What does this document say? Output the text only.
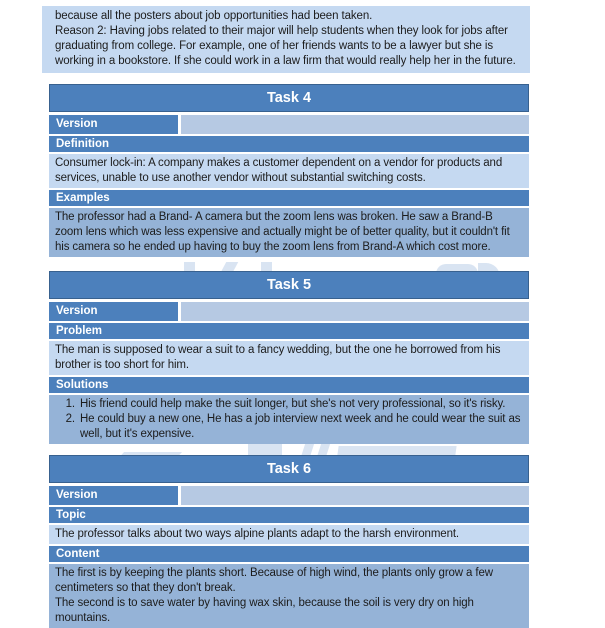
because all the posters about job opportunities had been taken.

Reason 2: Having jobs related to their major will help students when they look for jobs after graduating from college. For example, one of her friends wants to be a lawyer but she is working in a bookstore. If she could work in a law firm that would really help her in the future.

Task 4
Version
Definition

Consumer lock-in: A company makes a customer dependent on a vendor for products and services, unable to use another vendor without substantial switching costs.

Examples

The professor had a Brand- A camera but the zoom lens was broken. He saw a Brand-B zoom lens which was less expensive and actually might be of better quality, but it couldn't fit his camera so he ended up having to buy the zoom lens from Brand-A which cost more.

Task 5
Version
Problem

The man is supposed to wear a suit to a fancy wedding, but the one he borrowed from his brother is too short for him.

Solutions
1. His friend could help make the suit longer, but she's not very professional, so it's risky.
2. He could buy a new one, He has a job interview next week and he could wear the suit as well, but it's expensive.
Task 6
Version
Topic

The professor talks about two ways alpine plants adapt to the harsh environment.

Content

The first is by keeping the plants short. Because of high wind, the plants only grow a few centimeters so that they don't break.

The second is to save water by having wax skin, because the soil is very dry on high mountains.
